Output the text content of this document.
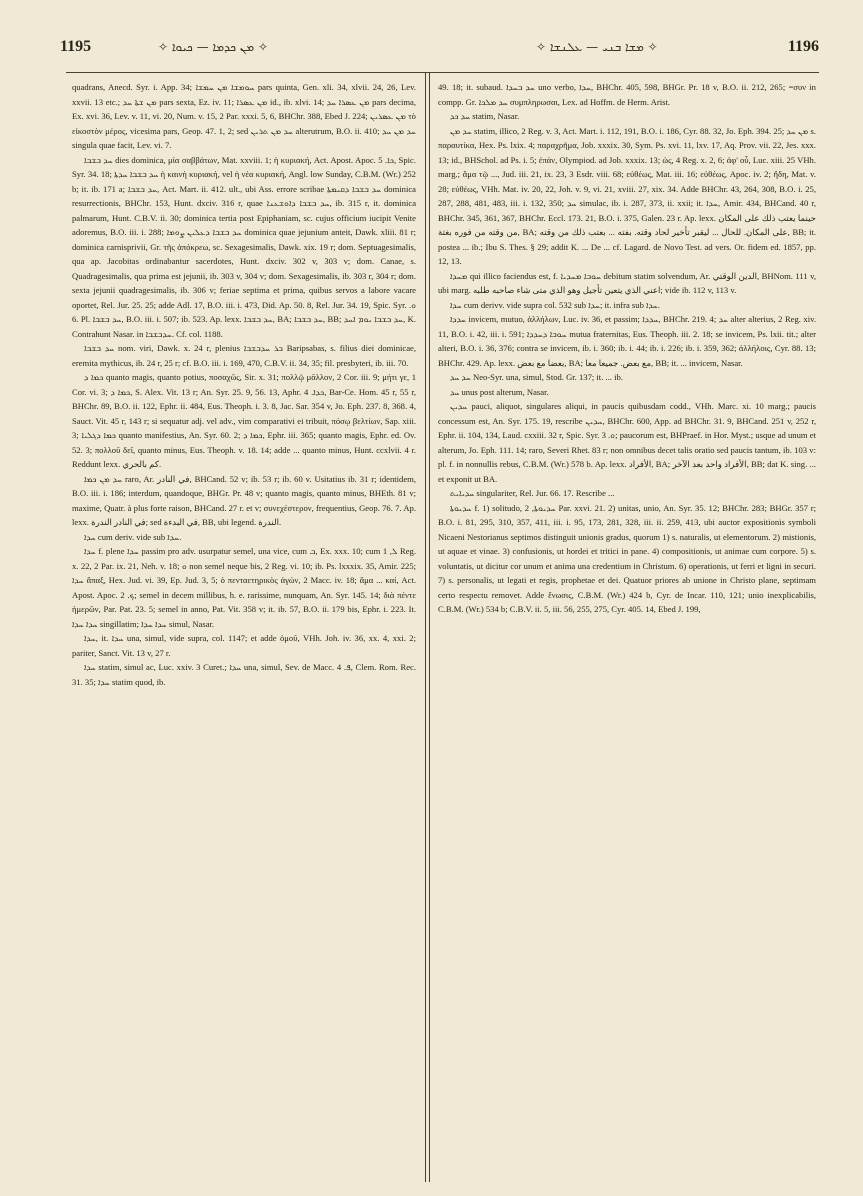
1195	✧ ܡܢ ܟܕܡܐ — ܟܝܘܐ ✧	✧ ܡܫܐ ܒܢܝ — ܥܠܢܫܐ ✧	1196

quadrans, Anecd. Syr. i. App. 34; ܚܘܡܫܐ ܡܢ ܚܡܫܐ pars quinta, Gen. xli. 34, xlvii. 24, 26, Lev. xxvii. 13 etc.; ܡܢ ܫܬܐ ܚܕ pars sexta, Ez. iv. 11; ܡܢ ܥܣܪܐ id., ib. xlvi. 14; ܡܢ ܥܣܪܐ ܚܕ pars decima, Ex. xvi. 36, Lev. v. 11, vi. 20, Num. v. 15, 2 Par. xxxi. 5, 6, BHChr. 388, Ebed J. 224; ܡܢ ܥܣܪܝܢ τὸ εἰκοστὸν μέρος, vicesima pars, Geop. 47. 1, 2; sed ܚܕ ܡܢ ܬܪܝܢ alterutrum, B.O. ii. 410; ܚܕ ܡܢ ܚܕ singula quae facit, Lev. vi. 7.

ܚܕ ܒܫܒܐ dies dominica, μία σαββάτων, Mat. xxviii. 1; ἡ κυριακή, Act. Apost. Apoc. ܟܐ. 5, Spic. Syr. 34. 18; ܚܕ ܒܫܒܐ ܚܕܬܐ ἡ καινὴ κυριακή, vel ἡ νέα κυριακή, Angl. low Sunday, C.B.M. (Wr.) 252 b; it. ib. 171 a; ܚܕ ܒܫܒܐ, Act. Mart. ii. 412. ult., ubi Ass. errore scribae ܚܕ ܒܫܒܐ ܕܩܝܡܬܐ dominica resurrectionis, BHChr. 153, Hunt. dxciv. 316 r, quae ܚܕ ܒܫܒܐ ܕܐܘܫܥܢܐ, ib. 315 r, it. dominica palmarum, Hunt. C.B.V. ii. 30; dominica tertia post Epiphaniam, sc. cujus officium iucipit Venite adoremus, B.O. iii. i. 288; ܚܕ ܒܫܒܐ ܕܥܠܝܢ ܨܘܡܐ dominica quae jejunium anteit, Dawk. xliii. 81 r; dominica carnisprivii, Gr. τῆς ἀπόκρεω, sc. Sexagesimalis, Dawk. xix. 19 r; dom. Septuagesimalis, qua ap. Jacobitas ordinabantur sacerdotes, Hunt. dxciv. 302 v, 303 v; dom. Canae, s. Quadragesimalis, qua prima est jejunii, ib. 303 v, 304 v; dom. Sexagesimalis, ib. 303 r, 304 r; dom. sexta jejunii quadragesimalis, ib. 306 v; feriae septima et prima, quibus servos a labore vacare oportet, Rel. Jur. 25. 25; adde Adl. 17, B.O. iii. i. 473, Did. Ap. 50. 8, Rel. Jur. 34. 19, Spic. Syr. ܘ. 6. Pl. ܚܕ ܒܫܒܐ, B.O. iii. i. 507; ib. 523. Ap. lexx. ܚܕ ܒܫܒܐ, BA; ܚܕ ܒܫܒܐ, BB; ܚܕ ܒܫܒܐ ܝܘܡ ܐܚܕ, K. Contrahunt Nasar. in ܚܕܒܫܒܐ. Cf. col. 1188.

ܚܕ ܒܫܒܐ nom. viri, Dawk. x. 24 r, plenius ܒܪ ܚܕܒܫܒܐ Baripsabas, s. filius diei dominicae, eremita mythicus, ib. 24 r, 25 r; cf. B.O. iii. i. 169, 470, C.B.V. ii. 34, 35; fil. presbyteri, ib. iii. 70.

ܟܡܐ ܕ quanto magis, quanto potius, ποσαχῶς, Sir. x. 31; πολλῷ μᾶλλον, 2 Cor. iii. 9; μήτι γε, 1 Cor. vi. 3; ܟܡܐ ܕ, S. Alex. Vit. 13 r; An. Syr. 25. 9, 56. 13, Aphr. ܟܕܐ. 4, Bar-Ce. Hom. 45 r, 55 r, BHChr. 89, B.O. ii. 122, Ephr. ii. 484, Eus. Theoph. i. 3. 8, Jac. Sar. 354 v, Jo. Eph. 237. 8, 368. 4, Sauct. Vit. 45 r, 143 r; si sequatur adj. vel adv., vim comparativi ei tribuit, πόσῳ βελτίων, Sap. xiii. 3; ܟܡܐ ܕܓܠܝܐ quanto manifestius, An. Syr. 60. 2; ܟܡܐ ܕ, Ephr. iii. 365; quanto magis, Ephr. ed. Ov. 52. 3; πολλοῦ δεῖ, quanto minus, Eus. Theoph. v. 18. 14; adde ... quanto minus, Hunt. ccxlvii. 4 r. Reddunt lexx. كم بالحري.

ܚܕ ܡܢ ܟܡܐ raro, Ar. في النادر, BHCand. 52 v; ib. 53 r; ib. 60 v. Usitatius ib. 31 r; identidem, B.O. iii. i. 186; interdum, quandoque, BHGr. Pr. 48 v; quanto magis, quanto minus, BHEth. 81 v; maxime, Quatr. à plus forte raison, BHCand. 27 r. et v; συνεχέστερον, frequentius, Geop. 76. 7. Ap. lexx. في النادر الندرة; sed في البدءة, BB, ubi legend. الندرة.

ܚܕܐ cum deriv. vide sub ܚܕܐ.

ܚܕܐ f. plene ܚܕܐ passim pro adv. usurpatur semel, una vice, cum ܒ, Ex. xxx. 10; cum ܠ, 1 Reg. x. 22, 2 Par. ix. 21, Neh. v. 18; ܘ non semel neque bis, 2 Reg. vi. 10; ib. Ps. lxxxix. 35, Amir. 225; ܚܕܐ ἅπαξ, Hex. Jud. vi. 39, Ep. Jud. 3, 5; ὁ πενταετηρικὸς ἀγών, 2 Macc. iv. 18; ἅμα ... καί, Act. Apost. Apoc. ܟ. 2; semel in decem millibus, h. e. rarissime, nunquam, An. Syr. 145. 14; διὰ πέντε ἡμερῶν, Par. Pat. 23. 5; semel in anno, Pat. Vit. 358 v; it. ib. 57, B.O. ii. 179 bis, Ephr. i. 223. It. ܚܕܐ ܚܕܐ singillatim; ܚܕܐ ܚܕܐ simul, Nasar.

ܚܕܐ, it. ܚܕܐ una, simul, vide supra, col. 1147; et adde ὁμοῦ, VHh. Joh. iv. 36, xx. 4, xxi. 2; pariter, Sanct. Vit. 13 v, 27 r.

ܚܕܐ statim, simul ac, Luc. xxiv. 3 Curet.; ܚܕܐ una, simul, Sev. de Macc. ܦ. 4, Clem. Rom. Rec. 31. 35; ܚܕܐ statim quod, ib.

49. 18; it. subaud. ܚܕ ܒܚܕܐ uno verbo, ܚܕܐ, BHChr. 405, 598, BHGr. Pr. 18 v, B.O. ii. 212, 265; =συν in compp. Gr. ܚܕ ܡܠܟܐ συμπληρωσαι, Lex. ad Hoffm. de Herm. Arist.

ܚܕ ܟܕ statim, Nasar.

ܚܕ ܡܢ statim, illico, 2 Reg. v. 3, Act. Mart. i. 112, 191, B.O. i. 186, Cyr. 88. 32, Jo. Eph. 394. 25; ܡܢ ܚܕ s. παραυτίκα, Hex. Ps. lxix. 4; παραχρῆμα, Job. xxxix. 30, Sym. Ps. xvi. 11, lxv. 17, Aq. Prov. vii. 22, Jes. xxx. 13; id., BHSchol. ad Ps. i. 5; ἐπάν, Olympiod. ad Job. xxxix. 13; ὡς, 4 Reg. x. 2, 6; ἀφ' οὗ, Luc. xiii. 25 VHh. marg.; ἅμα τῷ ..., Jud. iii. 21, ix. 23, 3 Esdr. viii. 68; εὐθέως, Mat. iii. 16; εὐθέως, Apoc. iv. 2; ἤδη, Mat. v. 28; εὐθέως, VHh. Mat. iv. 20, 22, Joh. v. 9, vi. 21, xviii. 27, xix. 34. Adde BHChr. 43, 264, 308, B.O. i. 25, 287, 288, 481, 483, iii. i. 132, 350; ܚܕ simulac, ib. i. 287, 373, ii. xxii; it. ܚܕܐ, Amir. 434, BHCand. 40 r, BHChr. 345, 361, 367, BHChr. Eccl. 173. 21, B.O. i. 375, Galen. 23 r. Ap. lexx. حينما يعتب ذلك على المكان من وقته من فوره بغتة, BA; على المكان. للحال ... ليقبر تأخير لحاد وقته. بفته ... بعتب ذلك من وقته, BB; it. postea ... ib.; Ibu S. Thes. § 29; addit K. ... De ... cf. Lagard. de Novo Test. ad vers. Or. fidem ed. 1857, pp. 12, 13.

ܡܚܕܐ qui illico faciendus est, f. ܚܘܒܐ ܡܚܕܝܐ debitum statim solvendum, Ar. الدين الوقتي, BHNom. 111 v, ubi marg. اعني الذي يتعين تأجيل وهو الذي متى شاء صاحبه طلبه; vide ib. 112 v, 113 v.

ܚܕܐ cum derivv. vide supra col. 532 sub ܚܕܐ; it. infra sub ܚܕܐ.

ܚܕܕܐ invicem, mutuo, ἀλλήλων, Luc. iv. 36, et passim; ܚܕܕܐ, BHChr. 219. 4; ܚܕ alter alterius, 2 Reg. xiv. 11, B.O. i. 42, iii. i. 591; ܚܘܒܐ ܕܚܕܕܐ mutua fraternitas, Eus. Theoph. iii. 2. 18; se invicem, Ps. lxii. tit.; alter alteri, B.O. i. 36, 376; contra se invicem, ib. i. 360; ib. i. 44; ib. i. 226; ib. i. 359, 362; ἀλλήλοις, Cyr. 88. 13; BHChr. 429. Ap. lexx. بعضا مع بعض, BA; مع بعض. جميعا معا, BB; it. ... invicem, Nasar.

ܚܕ ܚܕ Neo-Syr. una, simul, Stod. Gr. 137; it. ... ib.

ܚܕ unus post alterum, Nasar.

ܚܕܝܢ pauci, aliquot, singulares aliqui, in paucis quibusdam codd., VHh. Marc. xi. 10 marg.; paucis concessum est, An. Syr. 175. 19, rescribe ܚܕܝܢ, BHChr. 600, App. ad BHChr. 31. 9, BHCand. 251 v, 252 r, Ephr. ii. 104, 134, Laud. cxxiii. 32 r, Spic. Syr. ܘ. 3; paucorum est, BHPraef. in Hor. Myst.; usque ad unum et alterum, Jo. Eph. 111. 14; raro, Severi Rhet. 83 r; non omnibus decet talis oratio sed paucis tantum, ib. 103 v: pl. f. in nonnullis rebus, C.B.M. (Wr.) 578 b. Ap. lexx. الأفراد, BA; الأفراد واحد بعد الآخر, BB; dat K. sing. ... et exponit ut BA.

ܚܕܝܐܝܬ singulariter, Rel. Jur. 66. 17. Rescribe ...

ܚܕܝܘܬܐ f. 1) solitudo, ܚܕܝܘܬܐ, 2 Par. xxvi. 21. 2) unitas, unio, An. Syr. 35. 12; BHChr. 283; BHGr. 357 r; B.O. i. 81, 295, 310, 357, 411, iii. i. 95, 173, 281, 328, iii. ii. 259, 413, ubi auctor expositionis symboli Nicaeni Nestorianus septimos distinguit unionis gradus, quorum 1) s. naturalis, ut elementorum. 2) mistionis, ut aquae et vinae. 3) confusionis, ut hordei et tritici in pane. 4) compositionis, ut animae cum corpore. 5) s. voluntatis, ut dicitur cor unum et anima una credentium in Christum. 6) operationis, ut ferri et ligni in securi. 7) s. personalis, ut legati et regis, prophetae et dei. Quatuor priores ab unione in Christo plane, septimam certo respectu removet. Adde ἕνωσις, C.B.M. (Wr.) 424 b, Cyr. de Incar. 110, 121; unio inexplicabilis, C.B.M. (Wr.) 534 b; C.B.V. ii. 5, iii. 56, 255, 275, Cyr. 405. 14, Ebed J. 199,
